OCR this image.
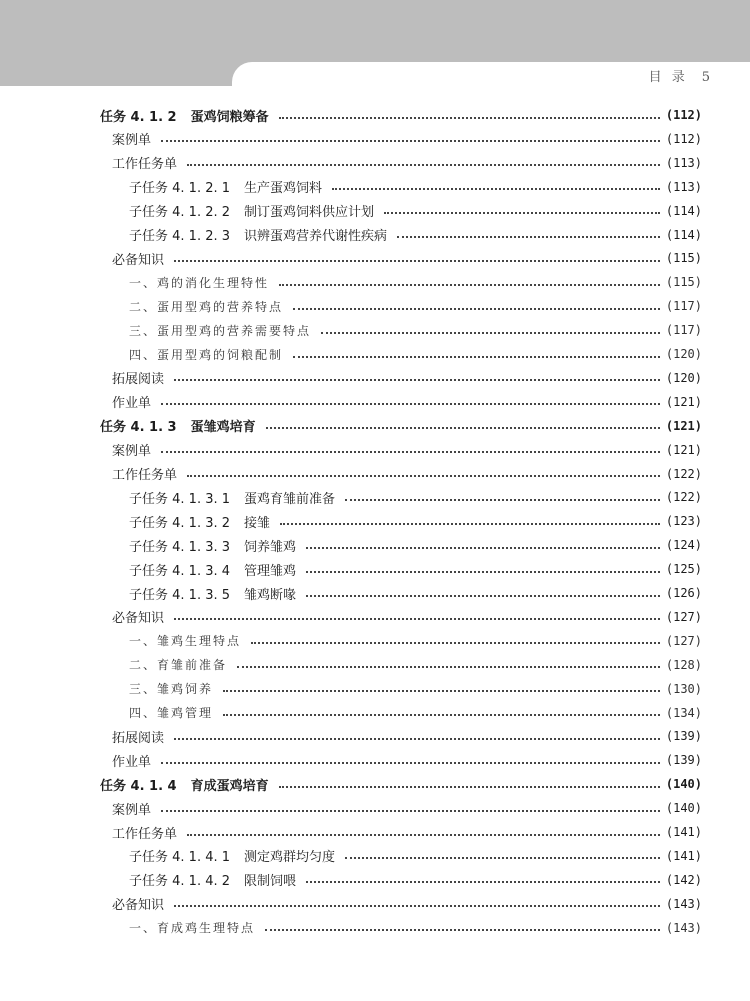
目 录 5
任务 4. 1. 2 蛋鸡饲粮筹备	(112)
案例单	(112)
工作任务单	(113)
子任务 4. 1. 2. 1 生产蛋鸡饲料	(113)
子任务 4. 1. 2. 2 制订蛋鸡饲料供应计划	(114)
子任务 4. 1. 2. 3 识辨蛋鸡营养代谢性疾病	(114)
必备知识	(115)
一、鸡的消化生理特性	(115)
二、蛋用型鸡的营养特点	(117)
三、蛋用型鸡的营养需要特点	(117)
四、蛋用型鸡的饲粮配制	(120)
拓展阅读	(120)
作业单	(121)
任务 4. 1. 3 蛋雏鸡培育	(121)
案例单	(121)
工作任务单	(122)
子任务 4. 1. 3. 1 蛋鸡育雏前准备	(122)
子任务 4. 1. 3. 2 接雏	(123)
子任务 4. 1. 3. 3 饲养雏鸡	(124)
子任务 4. 1. 3. 4 管理雏鸡	(125)
子任务 4. 1. 3. 5 雏鸡断喙	(126)
必备知识	(127)
一、雏鸡生理特点	(127)
二、育雏前准备	(128)
三、雏鸡饲养	(130)
四、雏鸡管理	(134)
拓展阅读	(139)
作业单	(139)
任务 4. 1. 4 育成蛋鸡培育	(140)
案例单	(140)
工作任务单	(141)
子任务 4. 1. 4. 1 测定鸡群均匀度	(141)
子任务 4. 1. 4. 2 限制饲喂	(142)
必备知识	(143)
一、育成鸡生理特点	(143)
